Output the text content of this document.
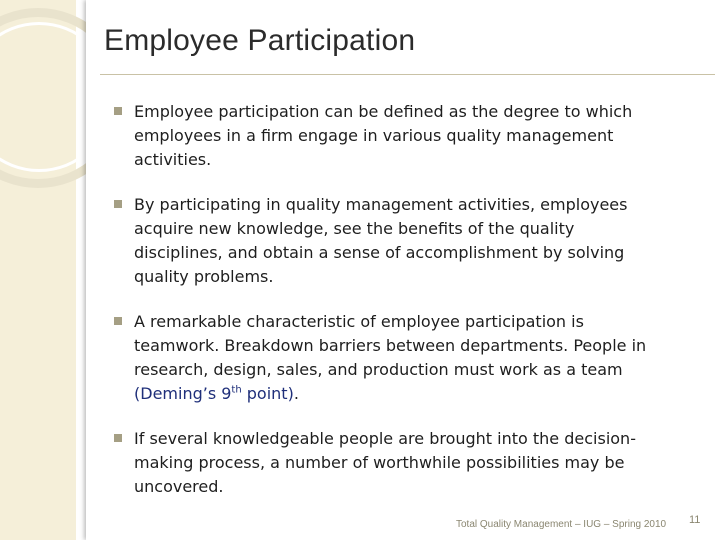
Employee Participation
Employee participation can be defined as the degree to which employees in a firm engage in various quality management activities.
By participating in quality management activities, employees acquire new knowledge, see the benefits of the quality disciplines, and obtain a sense of accomplishment by solving quality problems.
A remarkable characteristic of employee participation is teamwork. Breakdown barriers between departments. People in research, design, sales, and production must work as a team (Deming’s 9th point).
If several knowledgeable people are brought into the decision-making process, a number of worthwhile possibilities may be uncovered.
Total Quality Management – IUG – Spring 2010 11
